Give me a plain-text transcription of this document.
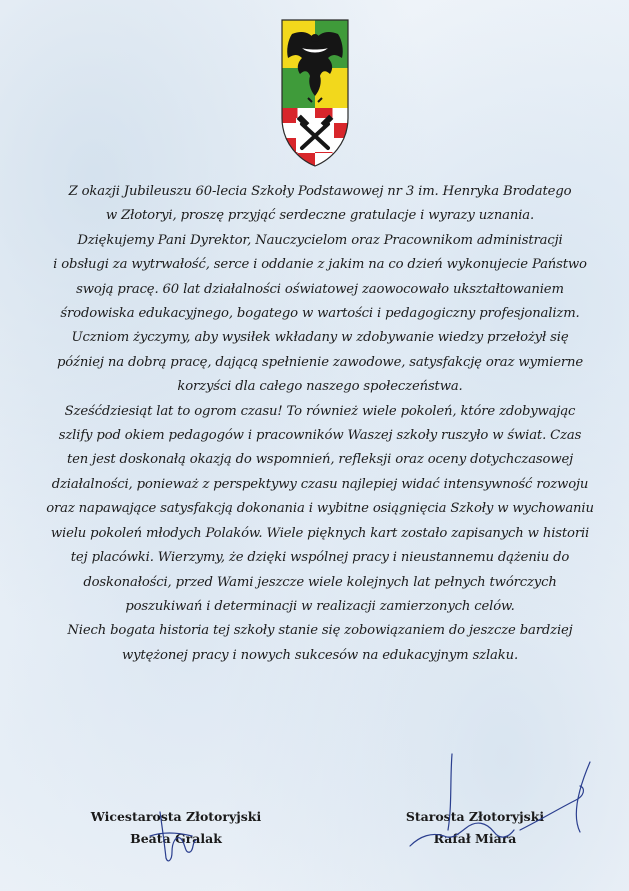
Z okazji Jubileuszu 60-lecia Szkoły Podstawowej nr 3 im. Henryka Brodatego
w Złotoryi, proszę przyjąć serdeczne gratulacje i wyrazy uznania.
Dziękujemy Pani Dyrektor, Nauczycielom oraz Pracownikom administracji
i obsługi za wytrwałość, serce i oddanie z jakim na co dzień wykonujecie Państwo
swoją pracę. 60 lat działalności oświatowej zaowocowało ukształtowaniem
środowiska edukacyjnego, bogatego w wartości i pedagogiczny profesjonalizm.
Uczniom życzymy, aby wysiłek wkładany w zdobywanie wiedzy przełożył się
później na dobrą pracę, dającą spełnienie zawodowe, satysfakcję oraz wymierne
korzyści dla całego naszego społeczeństwa.
Sześćdziesiąt lat to ogrom czasu! To również wiele pokoleń, które zdobywając
szlify pod okiem pedagogów i pracowników Waszej szkoły ruszyło w świat. Czas
ten jest doskonałą okazją do wspomnień, refleksji oraz oceny dotychczasowej
działalności, ponieważ z perspektywy czasu najlepiej widać intensywność rozwoju
oraz napawające satysfakcją dokonania i wybitne osiągnięcia Szkoły w wychowaniu
wielu pokoleń młodych Polaków. Wiele pięknych kart zostało zapisanych w historii
tej placówki. Wierzymy, że dzięki wspólnej pracy i nieustannemu dążeniu do
doskonałości, przed Wami jeszcze wiele kolejnych lat pełnych twórczych
poszukiwań i determinacji w realizacji zamierzonych celów.
Niech bogata historia tej szkoły stanie się zobowiązaniem do jeszcze bardziej
wytężonej pracy i nowych sukcesów na edukacyjnym szlaku.
Wicestarosta Złotoryjski
Beata Gralak
Starosta Złotoryjski
Rafał Miara
